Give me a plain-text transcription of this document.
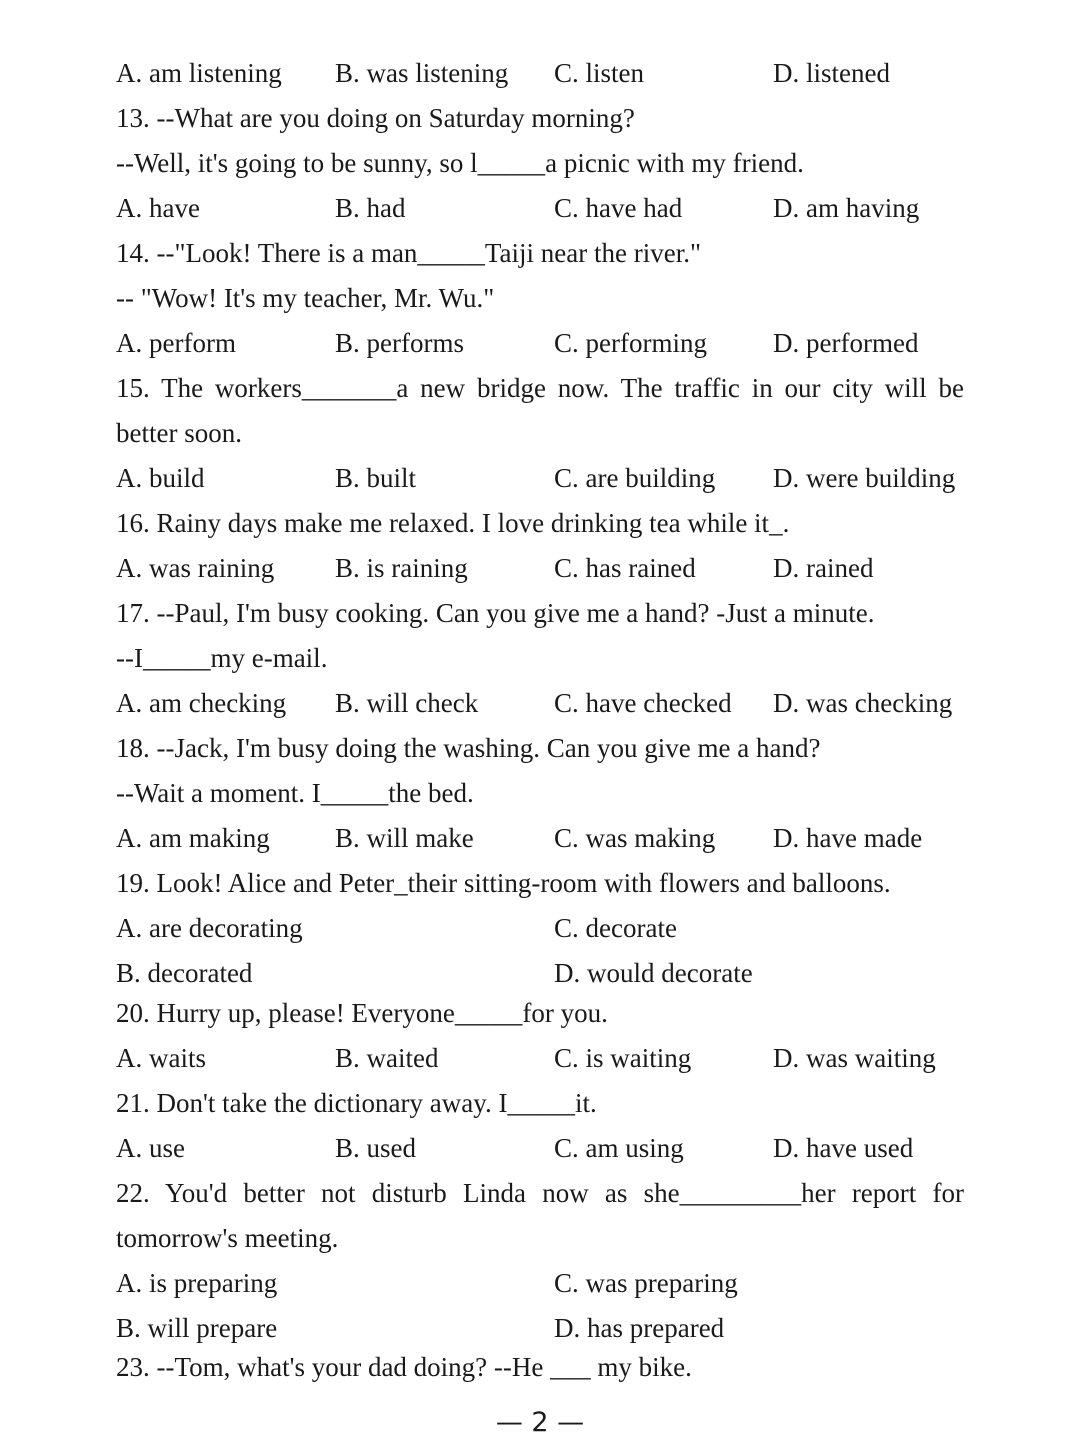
A. am listening B. was listening C. listen	D. listened
13. --What are you doing on Saturday morning?
--Well, it's going to be sunny, so l_____a picnic with my friend.
A. have	B. had	C. have had	D. am having
14. --"Look! There is a man_____Taiji near the river."
-- "Wow! It's my teacher, Mr. Wu."
A. perform	B. performs	C. performing D. performed
15. The workers_______a new bridge now. The traffic in our city will be
better soon.
A. build	B. built	C. are building D. were building
16. Rainy days make me relaxed. I love drinking tea while it_.
A. was raining B. is raining	C. has rained	D. rained
17. --Paul, I'm busy cooking. Can you give me a hand? -Just a minute.
--I_____my e-mail.
A. am checking B. will check	C. have checked D. was checking
18. --Jack, I'm busy doing the washing. Can you give me a hand?
--Wait a moment. I_____the bed.
A. am making B. will make	C. was making D. have made
19. Look! Alice and Peter_their sitting-room with flowers and balloons.
A. are decorating	C. decorate
B. decorated	D. would decorate
20. Hurry up, please! Everyone_____for you.
A. waits	B. waited	C. is waiting	D. was waiting
21. Don't take the dictionary away. I_____it.
A. use	B. used	C. am using	D. have used
22. You'd better not disturb Linda now as she_________her report for
tomorrow's meeting.
A. is preparing	C. was preparing
B. will prepare	D. has prepared
23. --Tom, what's your dad doing? --He ___ my bike.
— 2 —
